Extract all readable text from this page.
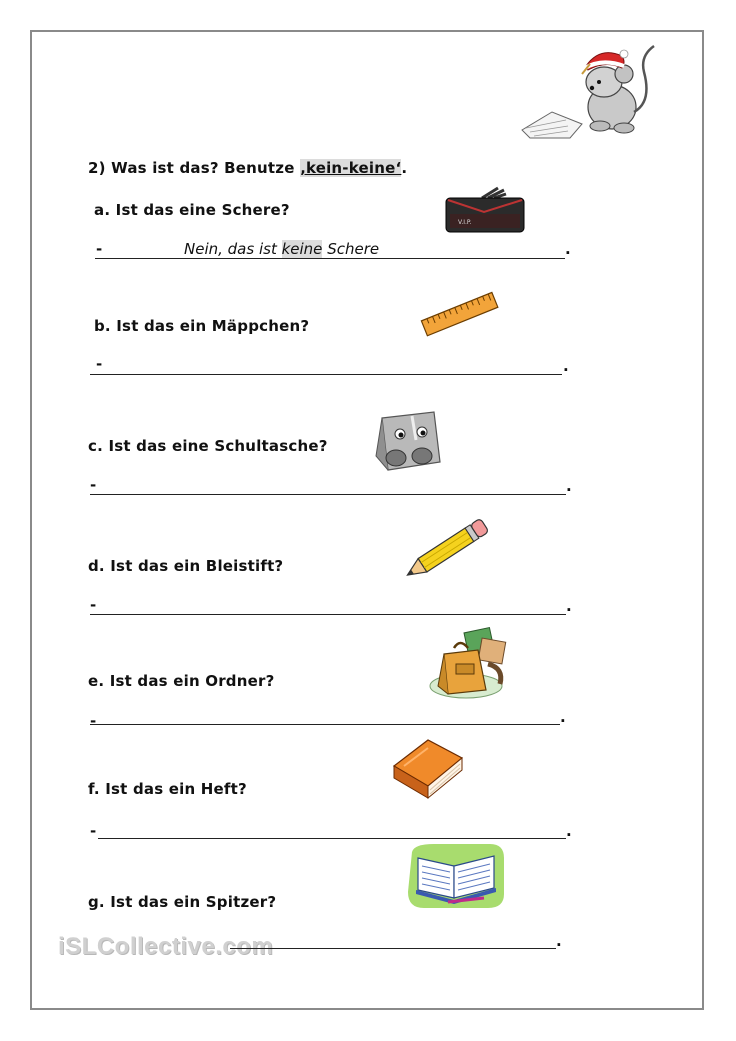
2) Was ist das? Benutze ‚kein-keine‘.
a. Ist das eine Schere?
V.I.P.
-	Nein, das ist keine Schere	.
b. Ist das ein Mäppchen?
-	.
c. Ist das eine Schultasche?
-	.
d. Ist das ein Bleistift?
-	.
e. Ist das ein Ordner?
-	.
f. Ist das ein Heft?
-	.
g. Ist das ein Spitzer?
iSLCollective.com	.
